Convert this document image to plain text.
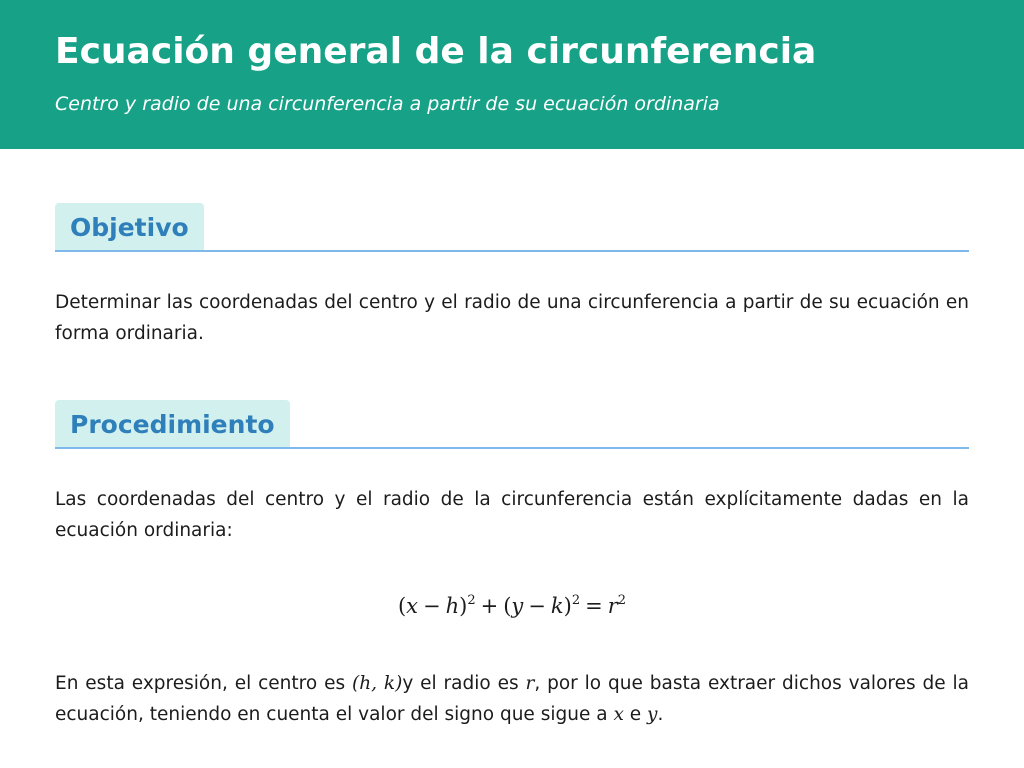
Ecuación general de la circunferencia

Centro y radio de una circunferencia a partir de su ecuación ordinaria

Objetivo

Determinar las coordenadas del centro y el radio de una circunferencia a partir de su ecuación en forma ordinaria.

Procedimiento

Las coordenadas del centro y el radio de la circunferencia están explícitamente dadas en la ecuación ordinaria:

$(x - h)^2 + (y - k)^2 = r^2$

En esta expresión, el centro es (h, k)y el radio es r, por lo que basta extraer dichos valores de la ecuación, teniendo en cuenta el valor del signo que sigue a x e y.
